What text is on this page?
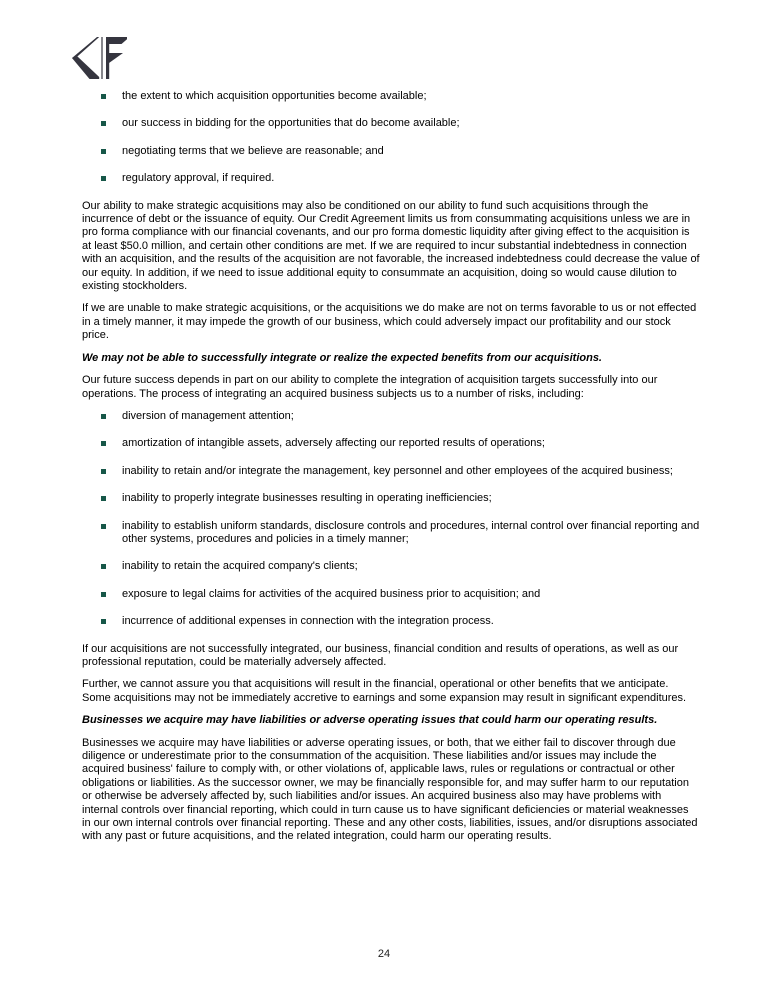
the extent to which acquisition opportunities become available;
our success in bidding for the opportunities that do become available;
negotiating terms that we believe are reasonable; and
regulatory approval, if required.

Our ability to make strategic acquisitions may also be conditioned on our ability to fund such acquisitions through the incurrence of debt or the issuance of equity. Our Credit Agreement limits us from consummating acquisitions unless we are in pro forma compliance with our financial covenants, and our pro forma domestic liquidity after giving effect to the acquisition is at least $50.0 million, and certain other conditions are met. If we are required to incur substantial indebtedness in connection with an acquisition, and the results of the acquisition are not favorable, the increased indebtedness could decrease the value of our equity. In addition, if we need to issue additional equity to consummate an acquisition, doing so would cause dilution to existing stockholders.

If we are unable to make strategic acquisitions, or the acquisitions we do make are not on terms favorable to us or not effected in a timely manner, it may impede the growth of our business, which could adversely impact our profitability and our stock price.

We may not be able to successfully integrate or realize the expected benefits from our acquisitions.

Our future success depends in part on our ability to complete the integration of acquisition targets successfully into our operations. The process of integrating an acquired business subjects us to a number of risks, including:

diversion of management attention;
amortization of intangible assets, adversely affecting our reported results of operations;
inability to retain and/or integrate the management, key personnel and other employees of the acquired business;
inability to properly integrate businesses resulting in operating inefficiencies;
inability to establish uniform standards, disclosure controls and procedures, internal control over financial reporting and other systems, procedures and policies in a timely manner;
inability to retain the acquired company's clients;
exposure to legal claims for activities of the acquired business prior to acquisition; and
incurrence of additional expenses in connection with the integration process.

If our acquisitions are not successfully integrated, our business, financial condition and results of operations, as well as our professional reputation, could be materially adversely affected.

Further, we cannot assure you that acquisitions will result in the financial, operational or other benefits that we anticipate. Some acquisitions may not be immediately accretive to earnings and some expansion may result in significant expenditures.

Businesses we acquire may have liabilities or adverse operating issues that could harm our operating results.

Businesses we acquire may have liabilities or adverse operating issues, or both, that we either fail to discover through due diligence or underestimate prior to the consummation of the acquisition. These liabilities and/or issues may include the acquired business' failure to comply with, or other violations of, applicable laws, rules or regulations or contractual or other obligations or liabilities. As the successor owner, we may be financially responsible for, and may suffer harm to our reputation or otherwise be adversely affected by, such liabilities and/or issues. An acquired business also may have problems with internal controls over financial reporting, which could in turn cause us to have significant deficiencies or material weaknesses in our own internal controls over financial reporting. These and any other costs, liabilities, issues, and/or disruptions associated with any past or future acquisitions, and the related integration, could harm our operating results.

24
